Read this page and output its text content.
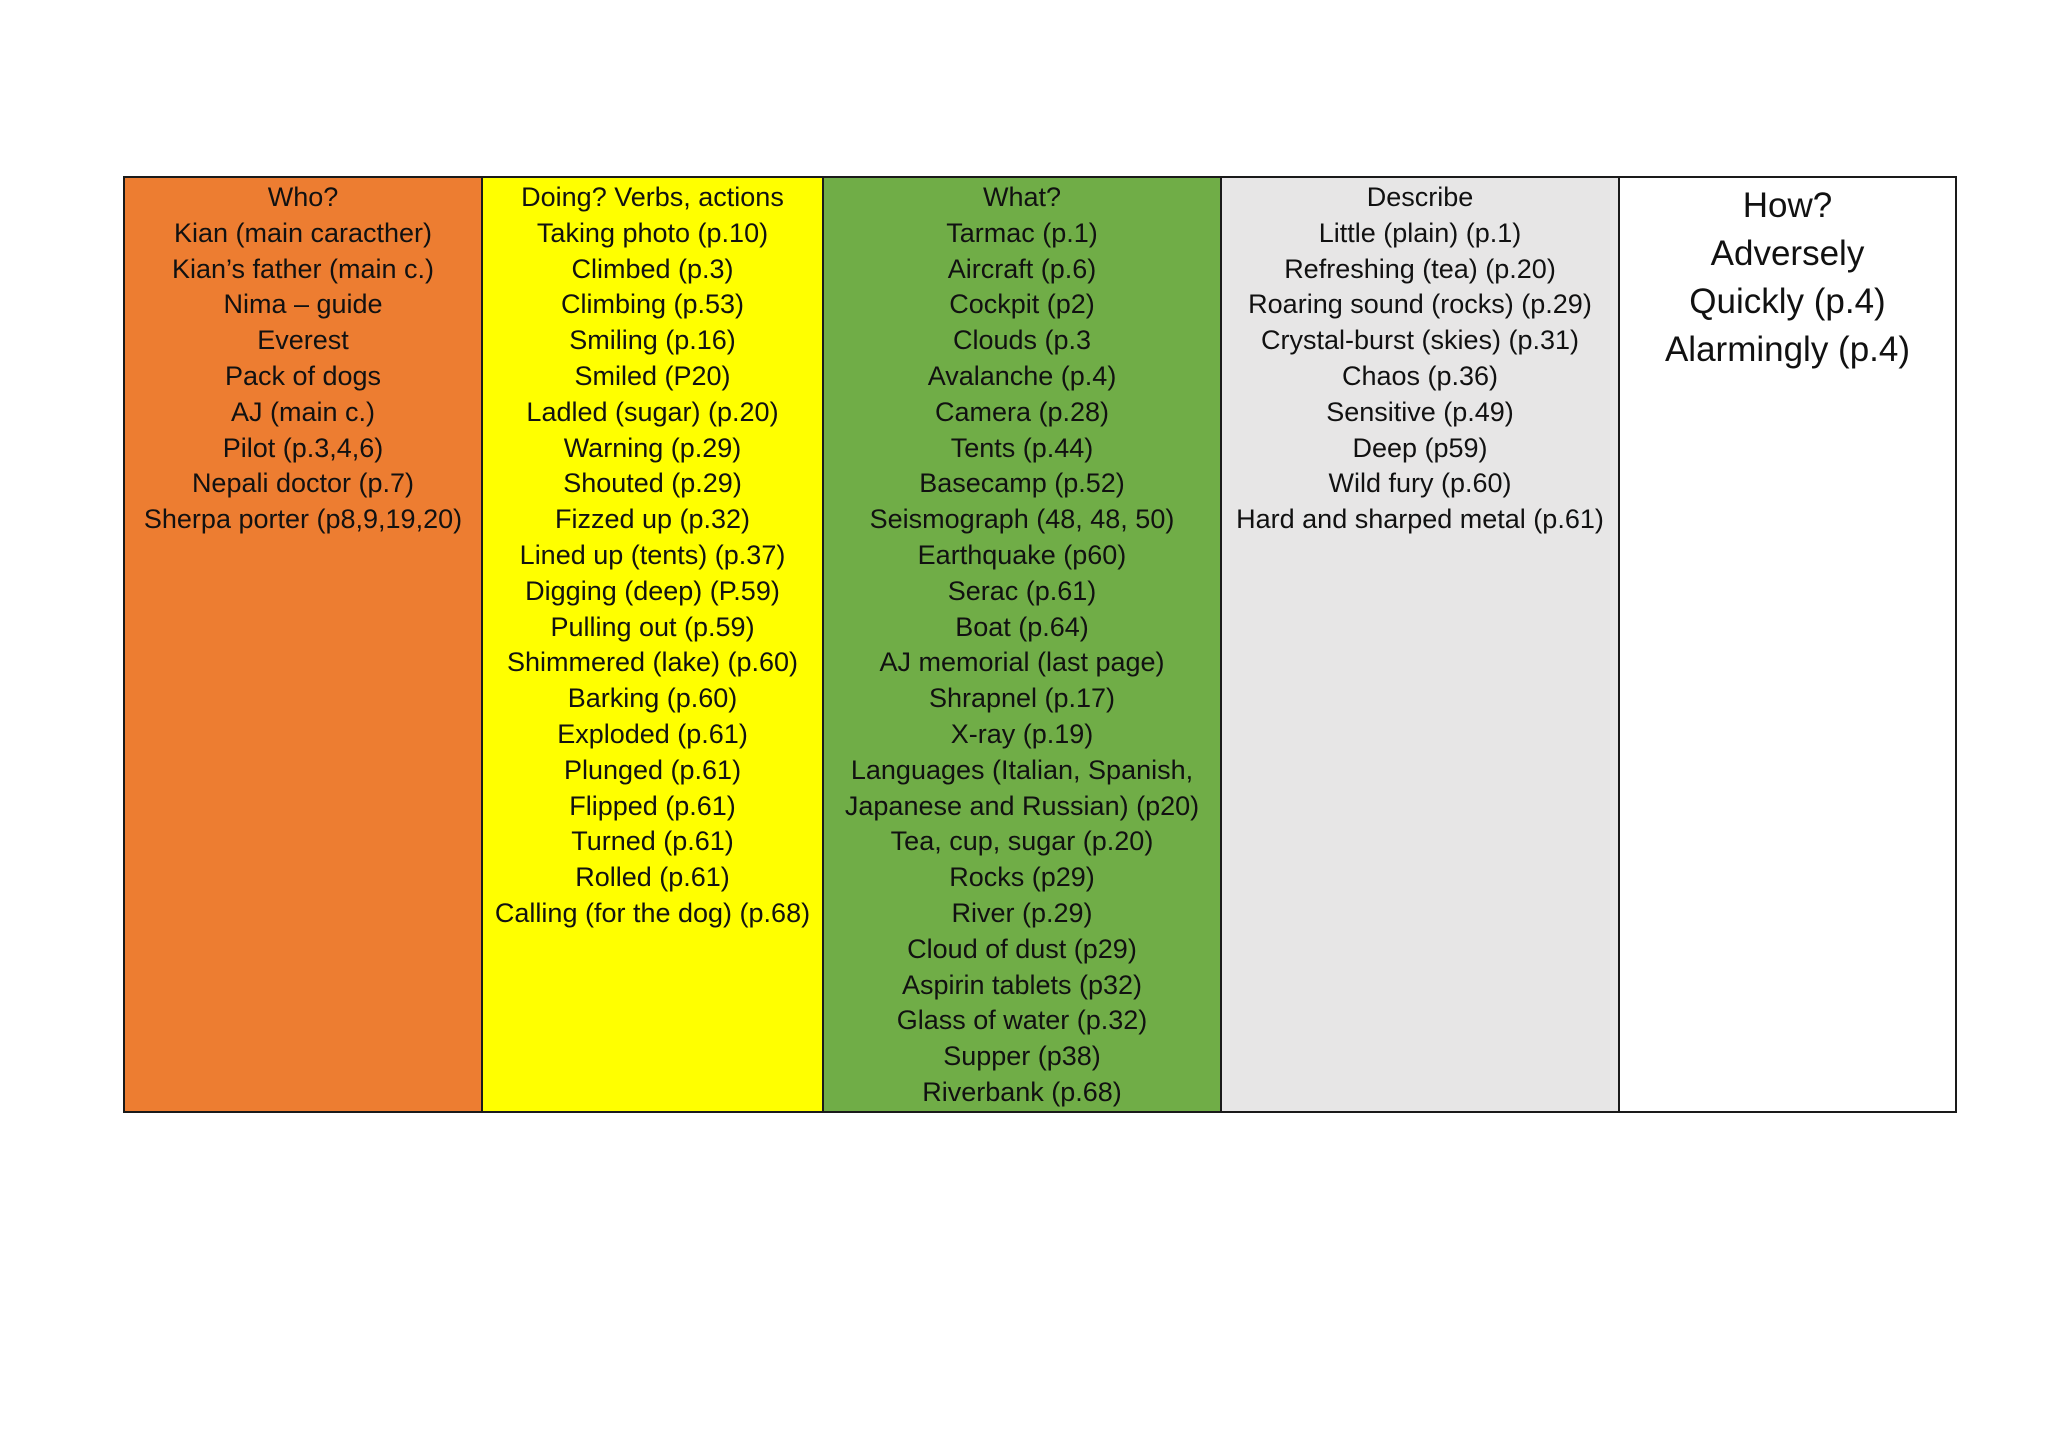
Who?

Kian (main caracther)

Kian’s father (main c.)

Nima – guide

Everest

Pack of dogs

AJ (main c.)

Pilot (p.3,4,6)

Nepali doctor (p.7)

Sherpa porter (p8,9,19,20)

Doing? Verbs, actions

Taking photo (p.10)

Climbed (p.3)

Climbing (p.53)

Smiling (p.16)

Smiled (P20)

Ladled (sugar) (p.20)

Warning (p.29)

Shouted (p.29)

Fizzed up (p.32)

Lined up (tents) (p.37)

Digging (deep) (P.59)

Pulling out (p.59)

Shimmered (lake) (p.60)

Barking (p.60)

Exploded (p.61)

Plunged (p.61)

Flipped (p.61)

Turned (p.61)

Rolled (p.61)

Calling (for the dog) (p.68)

What?

Tarmac (p.1)

Aircraft (p.6)

Cockpit (p2)

Clouds (p.3

Avalanche (p.4)

Camera (p.28)

Tents (p.44)

Basecamp (p.52)

Seismograph (48, 48, 50)

Earthquake (p60)

Serac (p.61)

Boat (p.64)

AJ memorial (last page)

Shrapnel (p.17)

X-ray (p.19)

Languages (Italian, Spanish,

Japanese and Russian) (p20)

Tea, cup, sugar (p.20)

Rocks (p29)

River (p.29)

Cloud of dust (p29)

Aspirin tablets (p32)

Glass of water (p.32)

Supper (p38)

Riverbank (p.68)

Describe

Little (plain) (p.1)

Refreshing (tea) (p.20)

Roaring sound (rocks) (p.29)

Crystal-burst (skies) (p.31)

Chaos (p.36)

Sensitive (p.49)

Deep (p59)

Wild fury (p.60)

Hard and sharped metal (p.61)

How?

Adversely

Quickly (p.4)

Alarmingly (p.4)
